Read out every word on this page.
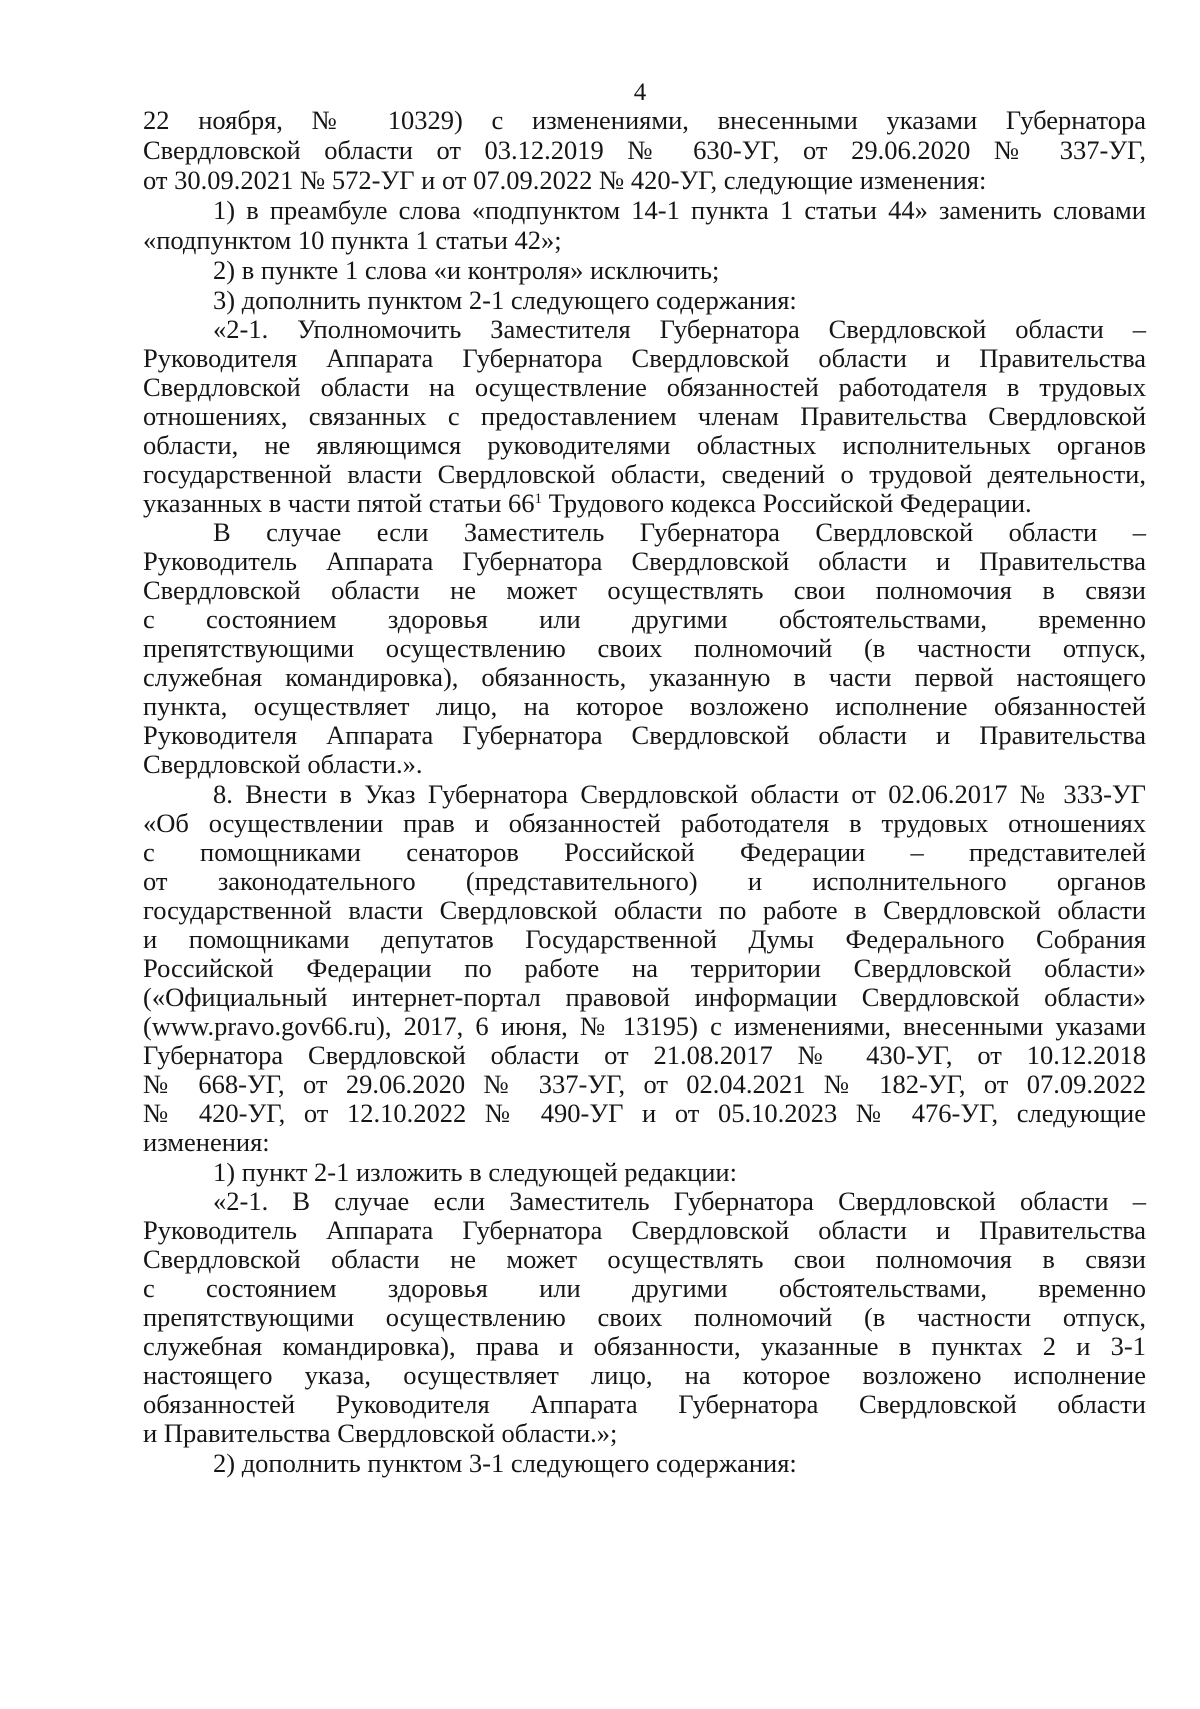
4
22 ноября, № 10329) с изменениями, внесенными указами Губернатора
Свердловской области от 03.12.2019 № 630-УГ, от 29.06.2020 № 337-УГ,
от 30.09.2021 № 572-УГ и от 07.09.2022 № 420-УГ, следующие изменения:
1) в преамбуле слова «подпунктом 14-1 пункта 1 статьи 44» заменить словами
«подпунктом 10 пункта 1 статьи 42»;
2) в пункте 1 слова «и контроля» исключить;
3) дополнить пунктом 2-1 следующего содержания:
«2-1. Уполномочить Заместителя Губернатора Свердловской области –
Руководителя Аппарата Губернатора Свердловской области и Правительства
Свердловской области на осуществление обязанностей работодателя в трудовых
отношениях, связанных с предоставлением членам Правительства Свердловской
области, не являющимся руководителями областных исполнительных органов
государственной власти Свердловской области, сведений о трудовой деятельности,
указанных в части пятой статьи $66^1$ Трудового кодекса Российской Федерации.
В случае если Заместитель Губернатора Свердловской области –
Руководитель Аппарата Губернатора Свердловской области и Правительства
Свердловской области не может осуществлять свои полномочия в связи
с состоянием здоровья или другими обстоятельствами, временно
препятствующими осуществлению своих полномочий (в частности отпуск,
служебная командировка), обязанность, указанную в части первой настоящего
пункта, осуществляет лицо, на которое возложено исполнение обязанностей
Руководителя Аппарата Губернатора Свердловской области и Правительства
Свердловской области.».
8. Внести в Указ Губернатора Свердловской области от 02.06.2017 № 333-УГ
«Об осуществлении прав и обязанностей работодателя в трудовых отношениях
с помощниками сенаторов Российской Федерации – представителей
от законодательного (представительного) и исполнительного органов
государственной власти Свердловской области по работе в Свердловской области
и помощниками депутатов Государственной Думы Федерального Собрания
Российской Федерации по работе на территории Свердловской области»
(«Официальный интернет-портал правовой информации Свердловской области»
(www.pravo.gov66.ru), 2017, 6 июня, № 13195) с изменениями, внесенными указами
Губернатора Свердловской области от 21.08.2017 № 430-УГ, от 10.12.2018
№ 668-УГ, от 29.06.2020 № 337-УГ, от 02.04.2021 № 182-УГ, от 07.09.2022
№ 420-УГ, от 12.10.2022 № 490-УГ и от 05.10.2023 № 476-УГ, следующие
изменения:
1) пункт 2-1 изложить в следующей редакции:
«2-1. В случае если Заместитель Губернатора Свердловской области –
Руководитель Аппарата Губернатора Свердловской области и Правительства
Свердловской области не может осуществлять свои полномочия в связи
с состоянием здоровья или другими обстоятельствами, временно
препятствующими осуществлению своих полномочий (в частности отпуск,
служебная командировка), права и обязанности, указанные в пунктах 2 и 3-1
настоящего указа, осуществляет лицо, на которое возложено исполнение
обязанностей Руководителя Аппарата Губернатора Свердловской области
и Правительства Свердловской области.»;
2) дополнить пунктом 3-1 следующего содержания:
